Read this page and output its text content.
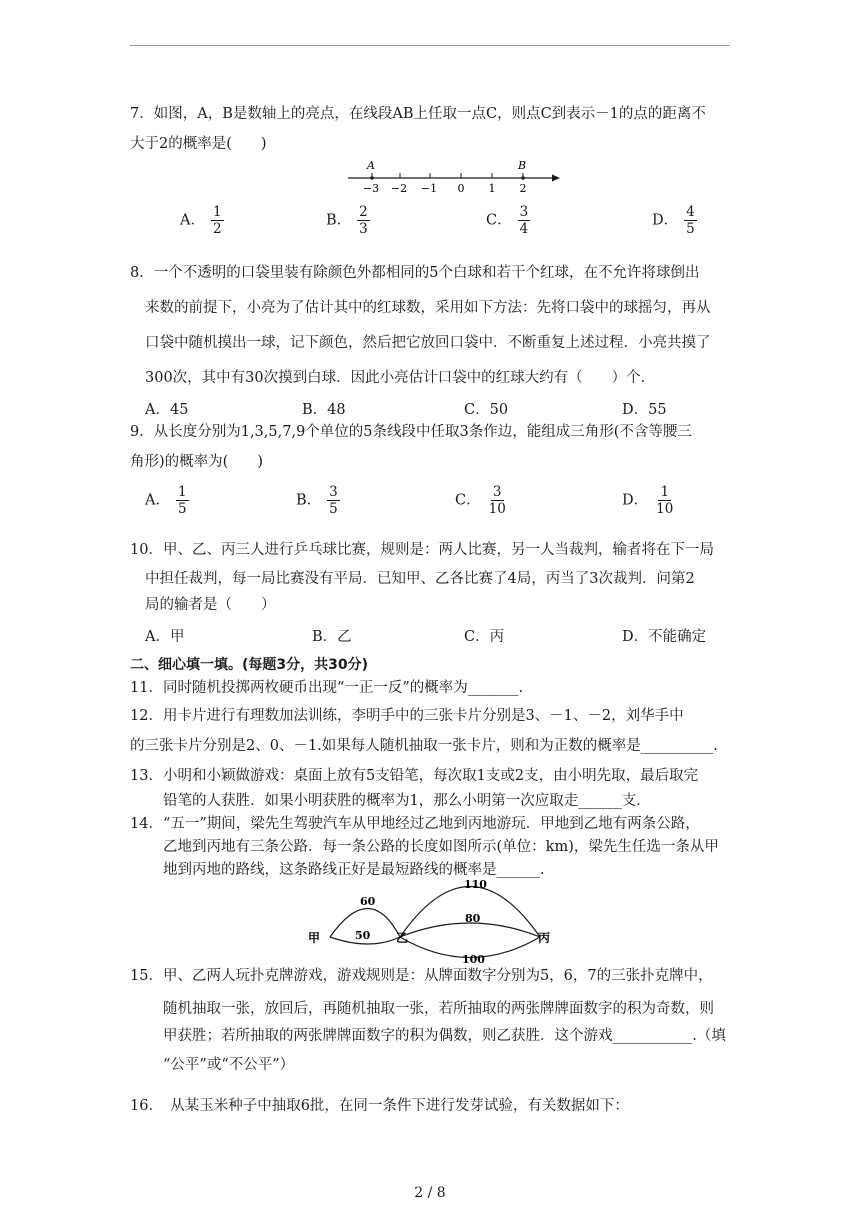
7．如图，A，B是数轴上的亮点，在线段AB上任取一点C，则点C到表示－1的点的距离不
大于2的概率是(　　)
A	B
−3 −2 −1 0 1 2
A． $\frac{1}{2}$	B． $\frac{2}{3}$	C． $\frac{3}{4}$	D． $\frac{4}{5}$
8．一个不透明的口袋里装有除颜色外都相同的5个白球和若干个红球，在不允许将球倒出
来数的前提下，小亮为了估计其中的红球数，采用如下方法：先将口袋中的球摇匀，再从
口袋中随机摸出一球，记下颜色，然后把它放回口袋中．不断重复上述过程．小亮共摸了
300次，其中有30次摸到白球．因此小亮估计口袋中的红球大约有（　　）个．
A．45	B．48	C．50	D．55
9．从长度分别为1,3,5,7,9个单位的5条线段中任取3条作边，能组成三角形(不含等腰三
角形)的概率为(　　)
A． $\frac{1}{5}$	B． $\frac{3}{5}$	C． $\frac{3}{10}$	D． $\frac{1}{10}$
10．甲、乙、丙三人进行乒乓球比赛，规则是：两人比赛，另一人当裁判，输者将在下一局
中担任裁判，每一局比赛没有平局．已知甲、乙各比赛了4局，丙当了3次裁判．问第2
局的输者是（　　）
A．甲	B．乙	C．丙	D．不能确定
二、细心填一填。(每题3分，共30分)
11．同时随机投掷两枚硬币出现“一正一反”的概率为_______.
12．用卡片进行有理数加法训练，李明手中的三张卡片分别是3、－1、－2，刘华手中
的三张卡片分别是2、0、－1.如果每人随机抽取一张卡片，则和为正数的概率是__________.
13．小明和小颖做游戏：桌面上放有5支铅笔，每次取1支或2支，由小明先取，最后取完
铅笔的人获胜．如果小明获胜的概率为1，那么小明第一次应取走______支．
14．“五一”期间，梁先生驾驶汽车从甲地经过乙地到丙地游玩．甲地到乙地有两条公路，
乙地到丙地有三条公路．每一条公路的长度如图所示(单位：km)，梁先生任选一条从甲
地到丙地的路线，这条路线正好是最短路线的概率是______.
甲	乙	丙
60
50
110
80
100
15．甲、乙两人玩扑克牌游戏，游戏规则是：从牌面数字分别为5，6，7的三张扑克牌中，
随机抽取一张，放回后，再随机抽取一张，若所抽取的两张牌牌面数字的积为奇数，则
甲获胜；若所抽取的两张牌牌面数字的积为偶数，则乙获胜．这个游戏___________.（填
“公平”或“不公平”）
16．　从某玉米种子中抽取6批，在同一条件下进行发芽试验，有关数据如下：
2 / 8
